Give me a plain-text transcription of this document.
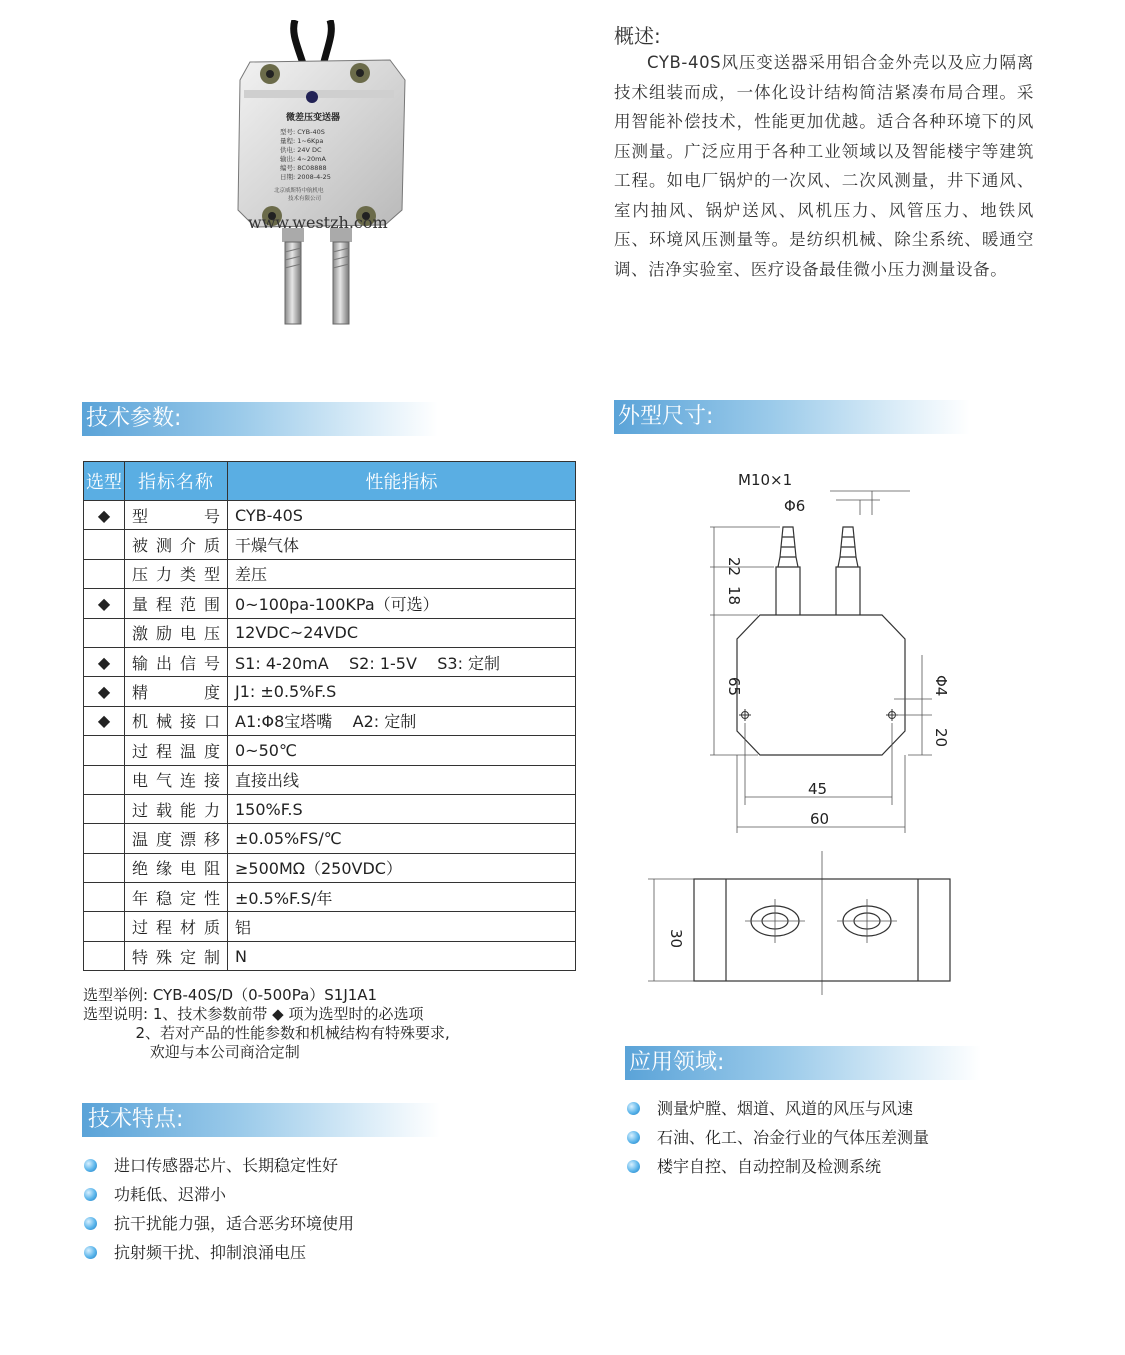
微差压变送器
型号: CYB-40S
量程: 1~6Kpa
供电: 24V DC
输出: 4~20mA
编号: 8C08888
日期: 2008-4-25
北京威斯特中航机电
技术有限公司
www.westzh.com
概述:
CYB-40S风压变送器采用铝合金外壳以及应力隔离技术组装而成，一体化设计结构简洁紧凑布局合理。采用智能补偿技术，性能更加优越。适合各种环境下的风压测量。广泛应用于各种工业领域以及智能楼宇等建筑工程。如电厂锅炉的一次风、二次风测量，井下通风、室内抽风、锅炉送风、风机压力、风管压力、地铁风压、环境风压测量等。是纺织机械、除尘系统、暖通空调、洁净实验室、医疗设备最佳微小压力测量设备。
技术参数:	外型尺寸:
应用领域:
技术特点:
选型	指标名称	性能指标
◆	型号	CYB-40S
	被测介质	干燥气体
	压力类型	差压
◆	量程范围	0~100pa-100KPa（可选）
	激励电压	12VDC~24VDC
◆	输出信号	S1: 4-20mA    S2: 1-5V    S3: 定制
◆	精度	J1: ±0.5%F.S
◆	机械接口	A1:Φ8宝塔嘴    A2: 定制
	过程温度	0~50℃
	电气连接	直接出线
	过载能力	150%F.S
	温度漂移	±0.05%FS/℃
	绝缘电阻	≥500MΩ（250VDC）
	年稳定性	±0.5%F.S/年
	过程材质	铝
	特殊定制	N
选型举例: CYB-40S/D（0-500Pa）S1J1A1
选型说明: 1、技术参数前带 ◆ 项为选型时的必选项
2、若对产品的性能参数和机械结构有特殊要求,
欢迎与本公司商洽定制
进口传感器芯片、长期稳定性好
功耗低、迟滞小
抗干扰能力强，适合恶劣环境使用
抗射频干扰、抑制浪涌电压
测量炉膛、烟道、风道的风压与风速
石油、化工、冶金行业的气体压差测量
楼宇自控、自动控制及检测系统
M10×1
Φ6
22
18
65	Φ4
20
45
60
30
